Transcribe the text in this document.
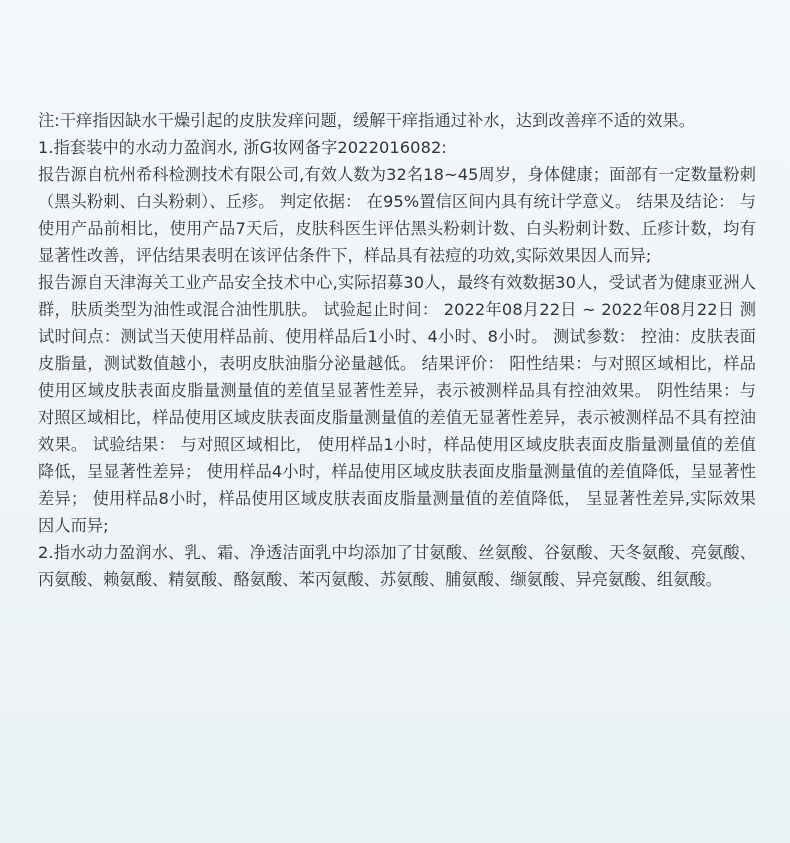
注:干痒指因缺水干燥引起的皮肤发痒问题，缓解干痒指通过补水，达到改善痒不适的效果。

1.指套装中的水动力盈润水, 浙G妆网备字2022016082:

报告源自杭州希科检测技术有限公司,有效人数为32名18~45周岁，身体健康；面部有一定数量粉刺（黑头粉刺、白头粉刺）、丘疹。 判定依据： 在95%置信区间内具有统计学意义。 结果及结论： 与使用产品前相比，使用产品7天后，皮肤科医生评估黑头粉刺计数、白头粉刺计数、丘疹计数，均有显著性改善，评估结果表明在该评估条件下，样品具有祛痘的功效,实际效果因人而异;

报告源自天津海关工业产品安全技术中心,实际招募30人，最终有效数据30人，受试者为健康亚洲人群，肤质类型为油性或混合油性肌肤。 试验起止时间： 2022年08月22日 ~ 2022年08月22日 测试时间点：测试当天使用样品前、使用样品后1小时、4小时、8小时。 测试参数： 控油：皮肤表面皮脂量，测试数值越小，表明皮肤油脂分泌量越低。 结果评价： 阳性结果：与对照区域相比，样品使用区域皮肤表面皮脂量测量值的差值呈显著性差异，表示被测样品具有控油效果。 阴性结果：与对照区域相比，样品使用区域皮肤表面皮脂量测量值的差值无显著性差异，表示被测样品不具有控油效果。 试验结果： 与对照区域相比， 使用样品1小时，样品使用区域皮肤表面皮脂量测量值的差值降低，呈显著性差异； 使用样品4小时，样品使用区域皮肤表面皮脂量测量值的差值降低，呈显著性差异； 使用样品8小时，样品使用区域皮肤表面皮脂量测量值的差值降低， 呈显著性差异,实际效果因人而异;

2.指水动力盈润水、乳、霜、净透洁面乳中均添加了甘氨酸、丝氨酸、谷氨酸、天冬氨酸、亮氨酸、丙氨酸、赖氨酸、精氨酸、酪氨酸、苯丙氨酸、苏氨酸、脯氨酸、缬氨酸、异亮氨酸、组氨酸。
